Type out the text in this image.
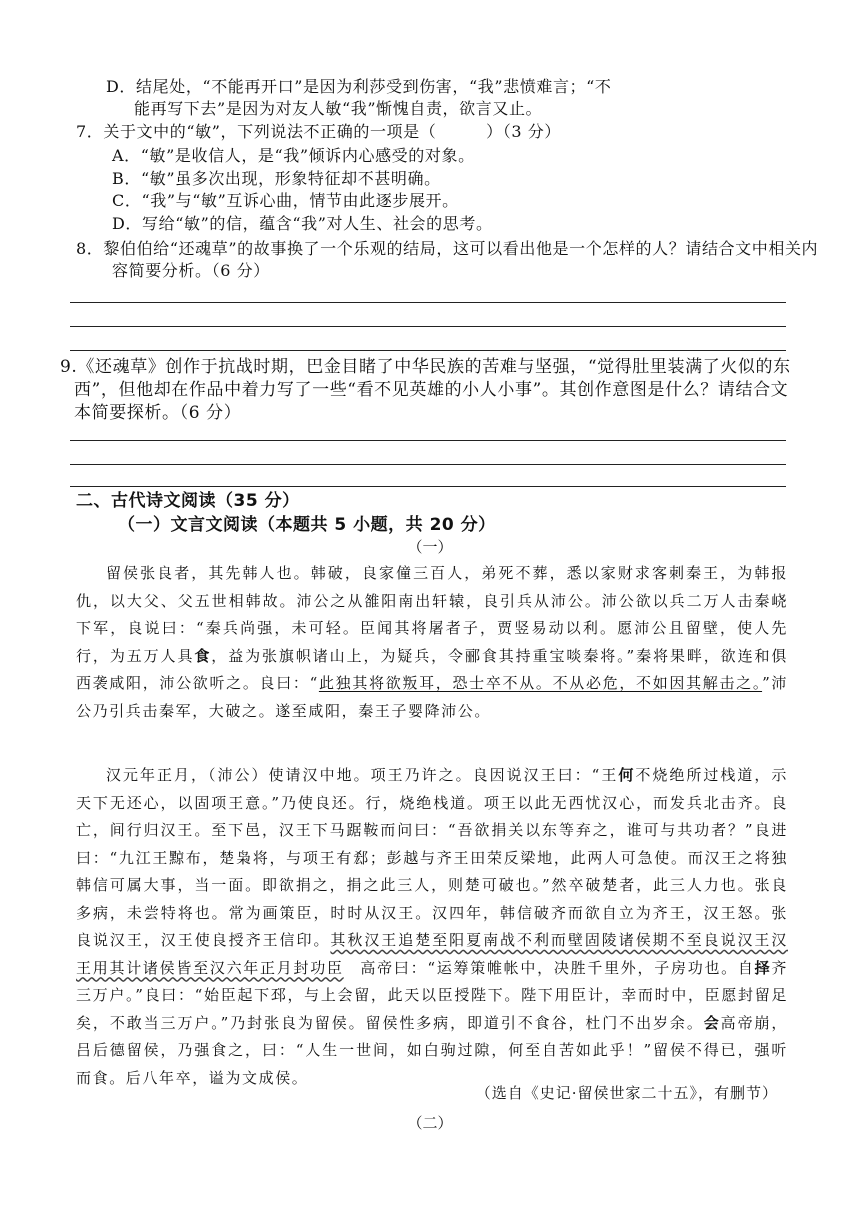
D．结尾处，“不能再开口”是因为利莎受到伤害，“我”悲愤难言；“不
能再写下去”是因为对友人敏“我”惭愧自责，欲言又止。
7．关于文中的“敏”，下列说法不正确的一项是（　　　）（3 分）
A．“敏”是收信人，是“我”倾诉内心感受的对象。
B．“敏”虽多次出现，形象特征却不甚明确。
C．“我”与“敏”互诉心曲，情节由此逐步展开。
D．写给“敏”的信，蕴含“我”对人生、社会的思考。
8．黎伯伯给“还魂草”的故事换了一个乐观的结局，这可以看出他是一个怎样的人？请结合文中相关内容简要分析。（6 分）
9.《还魂草》创作于抗战时期，巴金目睹了中华民族的苦难与坚强，“觉得肚里装满了火似的东西”，但他却在作品中着力写了一些“看不见英雄的小人小事”。其创作意图是什么？请结合文本简要探析。（6 分）
二、古代诗文阅读（35 分）
（一）文言文阅读（本题共 5 小题，共 20 分）
（一）
留侯张良者，其先韩人也。韩破，良家僮三百人，弟死不葬，悉以家财求客刺秦王，为韩报仇，以大父、父五世相韩故。沛公之从雒阳南出轩辕，良引兵从沛公。沛公欲以兵二万人击秦峣下军，良说曰：“秦兵尚强，未可轻。臣闻其将屠者子，贾竖易动以利。愿沛公且留壁，使人先行，为五万人具食，益为张旗帜诸山上，为疑兵，令郦食其持重宝啖秦将。”秦将果畔，欲连和俱西袭咸阳，沛公欲听之。良曰：“此独其将欲叛耳，恐士卒不从。不从必危，不如因其解击之。”沛公乃引兵击秦军，大破之。遂至咸阳，秦王子婴降沛公。
汉元年正月，（沛公）使请汉中地。项王乃许之。良因说汉王曰：“王何不烧绝所过栈道，示天下无还心，以固项王意。”乃使良还。行，烧绝栈道。项王以此无西忧汉心，而发兵北击齐。良亡，间行归汉王。至下邑，汉王下马踞鞍而问曰：“吾欲捐关以东等弃之，谁可与共功者？”良进曰：“九江王黥布，楚枭将，与项王有郄；彭越与齐王田荣反梁地，此两人可急使。而汉王之将独韩信可属大事，当一面。即欲捐之，捐之此三人，则楚可破也。”然卒破楚者，此三人力也。张良多病，未尝特将也。常为画策臣，时时从汉王。汉四年，韩信破齐而欲自立为齐王，汉王怒。张良说汉王，汉王使良授齐王信印。其秋汉王追楚至阳夏南战不利而壁固陵诸侯期不至良说汉王汉王用其计诸侯皆至汉六年正月封功臣　高帝曰：“运筹策帷帐中，决胜千里外，子房功也。自择齐三万户。”良曰：“始臣起下邳，与上会留，此天以臣授陛下。陛下用臣计，幸而时中，臣愿封留足矣，不敢当三万户。”乃封张良为留侯。留侯性多病，即道引不食谷，杜门不出岁余。会高帝崩，吕后德留侯，乃强食之，曰：“人生一世间，如白驹过隙，何至自苦如此乎！”留侯不得已，强听而食。后八年卒，谥为文成侯。
（选自《史记·留侯世家二十五》，有删节）
（二）
